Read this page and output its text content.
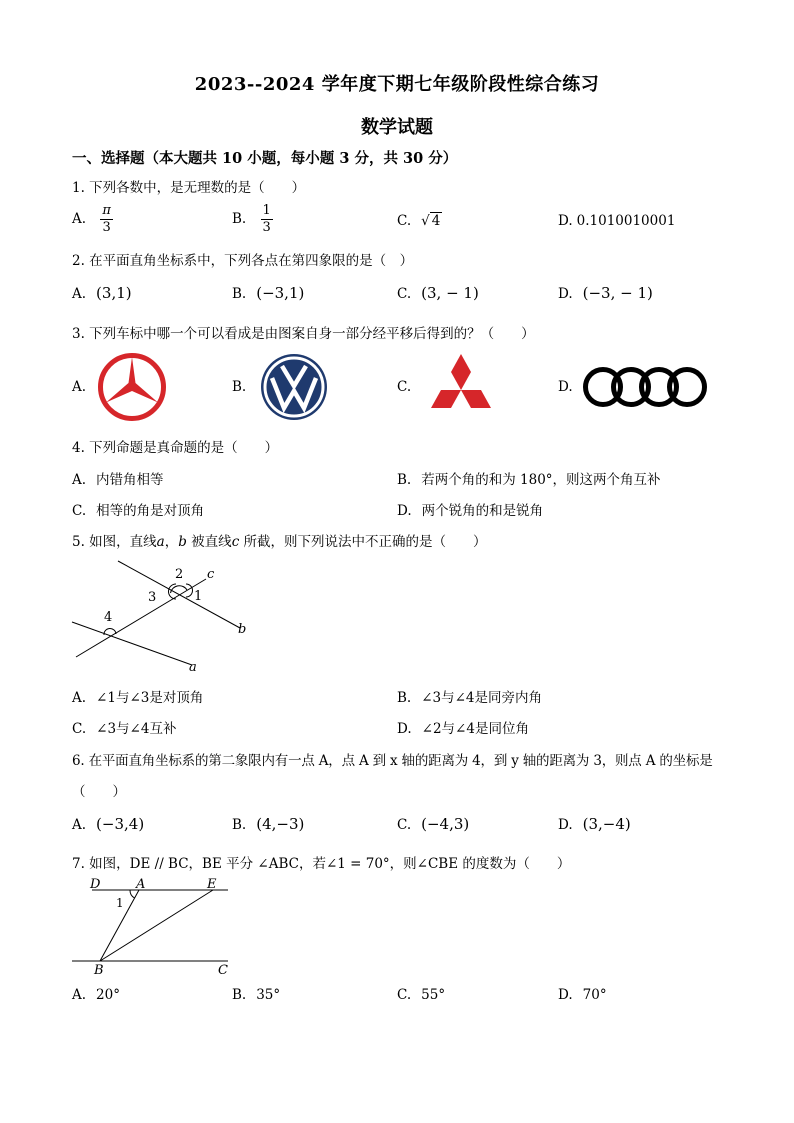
2023--2024 学年度下期七年级阶段性综合练习
数学试题
一、选择题（本大题共 10 小题，每小题 3 分，共 30 分）
1. 下列各数中，是无理数的是（　　）
A. $\frac{\pi}{3}$	B. $\frac{1}{3}$	C. √ 4	D. 0.1010010001
2. 在平面直角坐标系中，下列各点在第四象限的是（　）
A. (3,1)	B. (−3,1)	C. (3, − 1)	D. (−3, − 1)
3. 下列车标中哪一个可以看成是由图案自身一部分经平移后得到的？（　　）
A.	B.	C.	D.
4. 下列命题是真命题的是（　　）
A. 内错角相等	B. 若两个角的和为 180°，则这两个角互补
C. 相等的角是对顶角	D. 两个锐角的和是锐角
5. 如图，直线a，b 被直线c 所截，则下列说法中不正确的是（　　）
2 c
3	1
4
b
a
A. ∠1与∠3是对顶角	B. ∠3与∠4是同旁内角
C. ∠3与∠4互补	D. ∠2与∠4是同位角
6. 在平面直角坐标系的第二象限内有一点 A，点 A 到 x 轴的距离为 4，到 y 轴的距离为 3，则点 A 的坐标是
（　　）
A. (−3,4)	B. (4,−3)	C. (−4,3)	D. (3,−4)
7. 如图，DE // BC，BE 平分 ∠ABC，若∠1 = 70°，则∠CBE 的度数为（　　）
D	A	E
1
B	C
A. 20°	B. 35°	C. 55°	D. 70°
